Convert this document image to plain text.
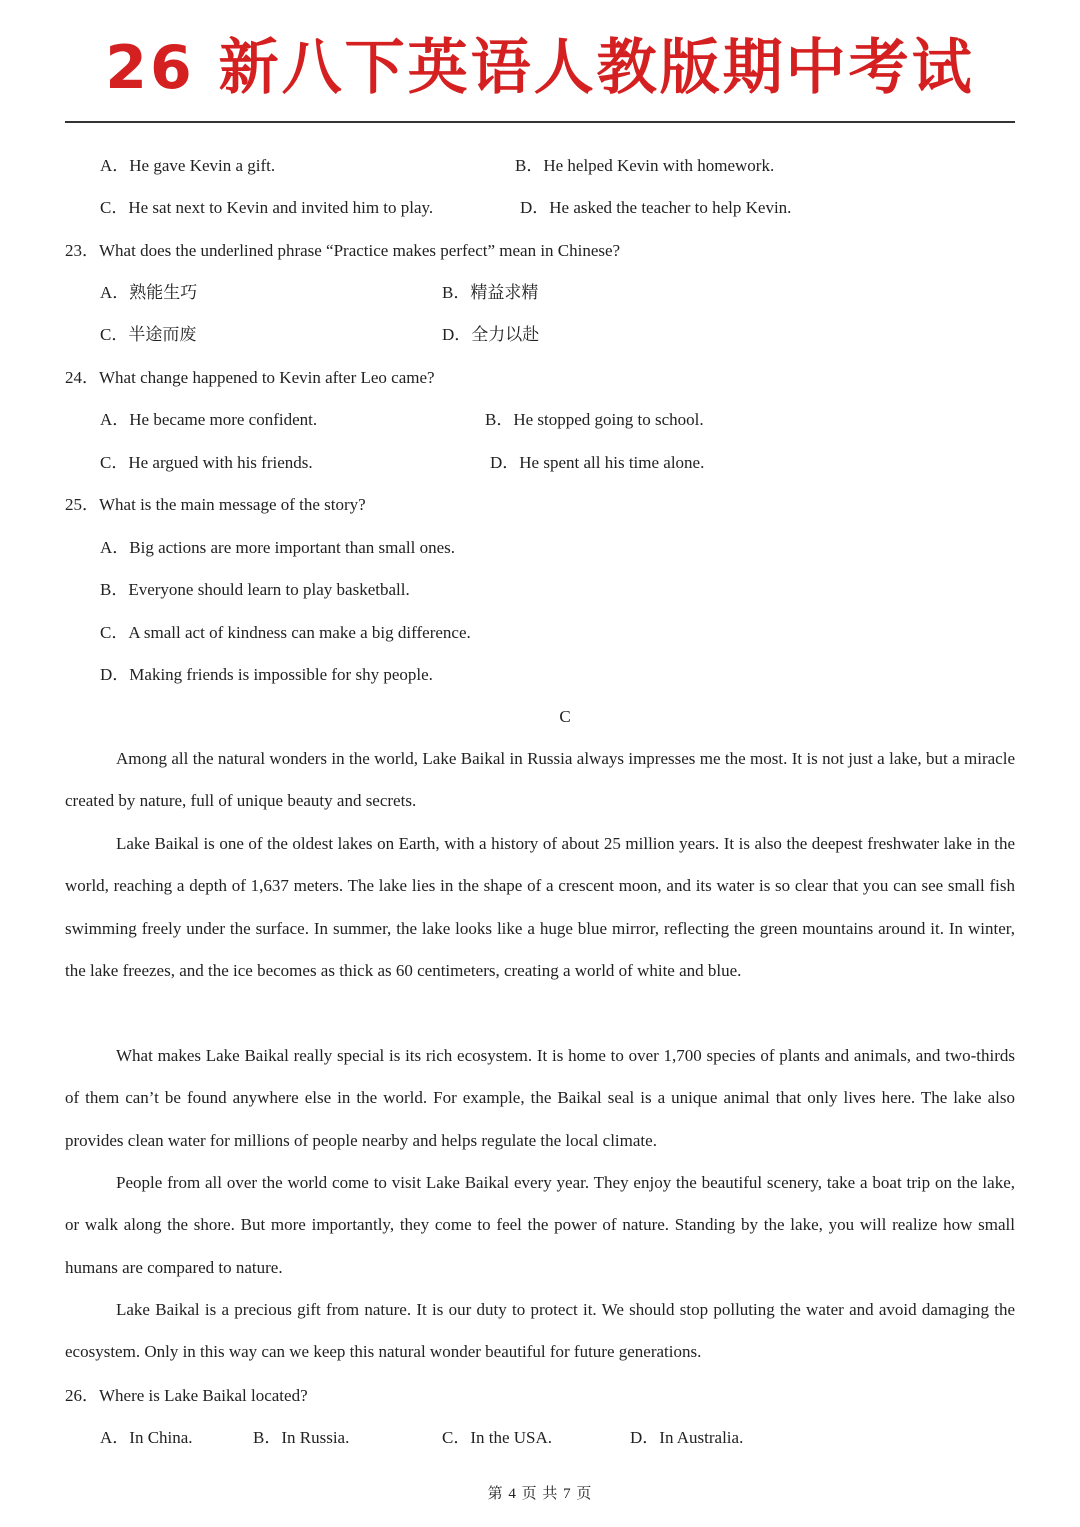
26 新八下英语人教版期中考试
A．He gave Kevin a gift.	B．He helped Kevin with homework.
C．He sat next to Kevin and invited him to play.	D．He asked the teacher to help Kevin.
23．What does the underlined phrase “Practice makes perfect” mean in Chinese?
A．熟能生巧	B．精益求精
C．半途而废	D．全力以赴
24．What change happened to Kevin after Leo came?
A．He became more confident.	B．He stopped going to school.
C．He argued with his friends.	D．He spent all his time alone.
25．What is the main message of the story?
A．Big actions are more important than small ones.
B．Everyone should learn to play basketball.
C．A small act of kindness can make a big difference.
D．Making friends is impossible for shy people.
C
Among all the natural wonders in the world, Lake Baikal in Russia always impresses me the most. It is not just a lake, but a miracle created by nature, full of unique beauty and secrets.
Lake Baikal is one of the oldest lakes on Earth, with a history of about 25 million years. It is also the deepest freshwater lake in the world, reaching a depth of 1,637 meters. The lake lies in the shape of a crescent moon, and its water is so clear that you can see small fish swimming freely under the surface. In summer, the lake looks like a huge blue mirror, reflecting the green mountains around it. In winter, the lake freezes, and the ice becomes as thick as 60 centimeters, creating a world of white and blue.
What makes Lake Baikal really special is its rich ecosystem. It is home to over 1,700 species of plants and animals, and two-thirds of them can’t be found anywhere else in the world. For example, the Baikal seal is a unique animal that only lives here. The lake also provides clean water for millions of people nearby and helps regulate the local climate.
People from all over the world come to visit Lake Baikal every year. They enjoy the beautiful scenery, take a boat trip on the lake, or walk along the shore. But more importantly, they come to feel the power of nature. Standing by the lake, you will realize how small humans are compared to nature.
Lake Baikal is a precious gift from nature. It is our duty to protect it. We should stop polluting the water and avoid damaging the ecosystem. Only in this way can we keep this natural wonder beautiful for future generations.
26．Where is Lake Baikal located?
A．In China.	B．In Russia.	C．In the USA.	D．In Australia.
第 4 页 共 7 页
